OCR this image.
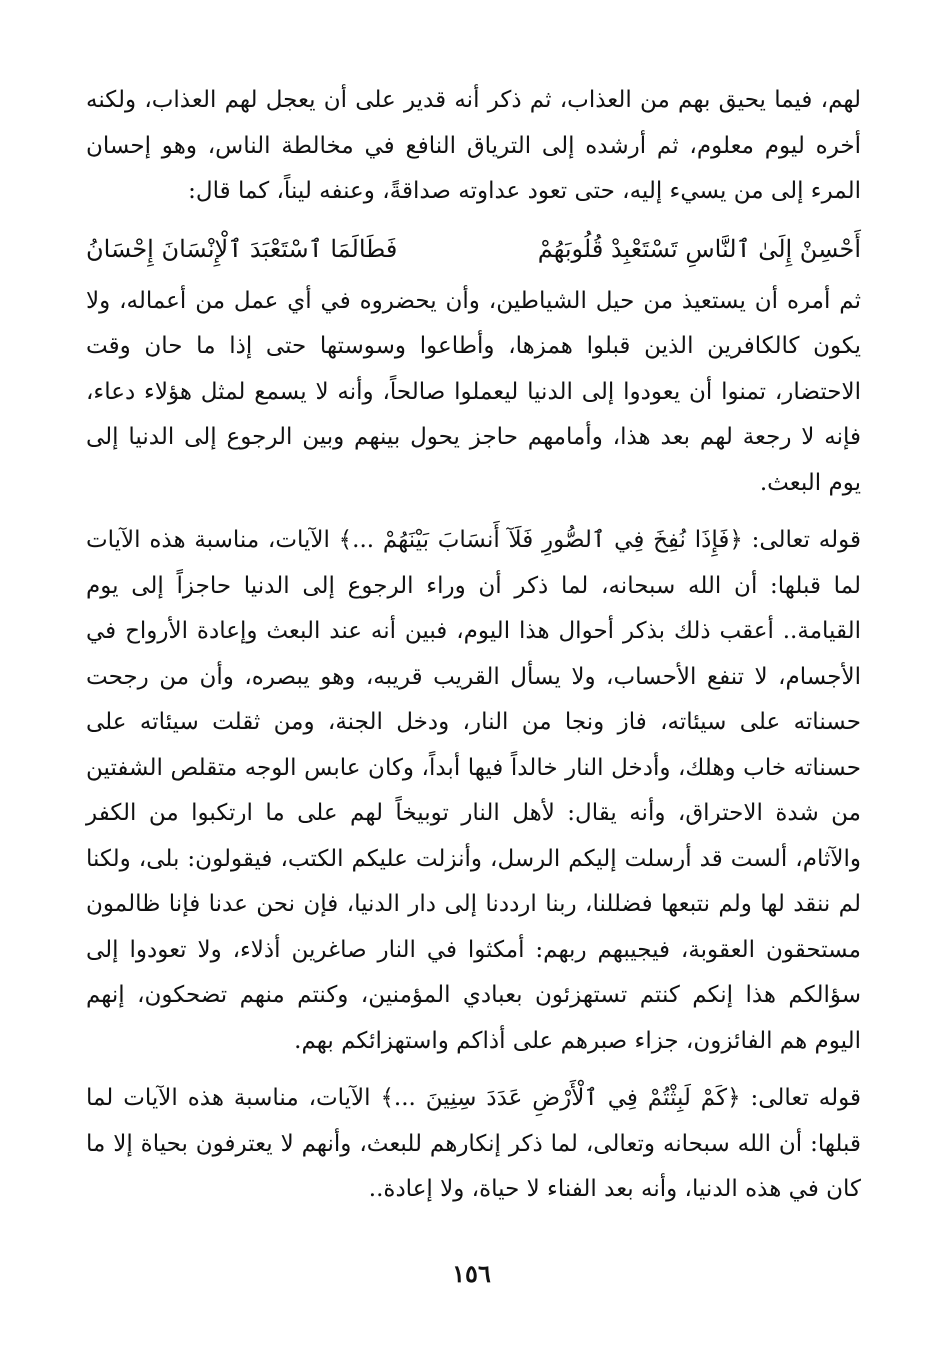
لهم، فيما يحيق بهم من العذاب، ثم ذكر أنه قدير على أن يعجل لهم العذاب، ولكنه أخره ليوم معلوم، ثم أرشده إلى الترياق النافع في مخالطة الناس، وهو إحسان المرء إلى من يسيء إليه، حتى تعود عداوته صداقةً، وعنفه ليناً، كما قال:

أَحْسِنْ إِلَىٰ ٱلنَّاسِ تَسْتَعْبِدْ قُلُوبَهُمْ
فَطَالَمَا ٱسْتَعْبَدَ ٱلْإِنْسَانَ إِحْسَانُ

ثم أمره أن يستعيذ من حيل الشياطين، وأن يحضروه في أي عمل من أعماله، ولا يكون كالكافرين الذين قبلوا همزها، وأطاعوا وسوستها حتى إذا ما حان وقت الاحتضار، تمنوا أن يعودوا إلى الدنيا ليعملوا صالحاً، وأنه لا يسمع لمثل هؤلاء دعاء، فإنه لا رجعة لهم بعد هذا، وأمامهم حاجز يحول بينهم وبين الرجوع إلى الدنيا إلى يوم البعث.

قوله تعالى: ﴿فَإِذَا نُفِخَ فِي ٱلصُّورِ فَلَآ أَنسَابَ بَيْنَهُمْ ...﴾ الآيات، مناسبة هذه الآيات لما قبلها: أن الله سبحانه، لما ذكر أن وراء الرجوع إلى الدنيا حاجزاً إلى يوم القيامة.. أعقب ذلك بذكر أحوال هذا اليوم، فبين أنه عند البعث وإعادة الأرواح في الأجسام، لا تنفع الأحساب، ولا يسأل القريب قريبه، وهو يبصره، وأن من رجحت حسناته على سيئاته، فاز ونجا من النار، ودخل الجنة، ومن ثقلت سيئاته على حسناته خاب وهلك، وأدخل النار خالداً فيها أبداً، وكان عابس الوجه متقلص الشفتين من شدة الاحتراق، وأنه يقال: لأهل النار توبيخاً لهم على ما ارتكبوا من الكفر والآثام، ألست قد أرسلت إليكم الرسل، وأنزلت عليكم الكتب، فيقولون: بلى، ولكنا لم ننقد لها ولم نتبعها فضللنا، ربنا ارددنا إلى دار الدنيا، فإن نحن عدنا فإنا ظالمون مستحقون العقوبة، فيجيبهم ربهم: أمكثوا في النار صاغرين أذلاء، ولا تعودوا إلى سؤالكم هذا إنكم كنتم تستهزئون بعبادي المؤمنين، وكنتم منهم تضحكون، إنهم اليوم هم الفائزون، جزاء صبرهم على أذاكم واستهزائكم بهم.

قوله تعالى: ﴿كَمْ لَبِثْتُمْ فِي ٱلْأَرْضِ عَدَدَ سِنِينَ ...﴾ الآيات، مناسبة هذه الآيات لما قبلها: أن الله سبحانه وتعالى، لما ذكر إنكارهم للبعث، وأنهم لا يعترفون بحياة إلا ما كان في هذه الدنيا، وأنه بعد الفناء لا حياة، ولا إعادة..

١٥٦
